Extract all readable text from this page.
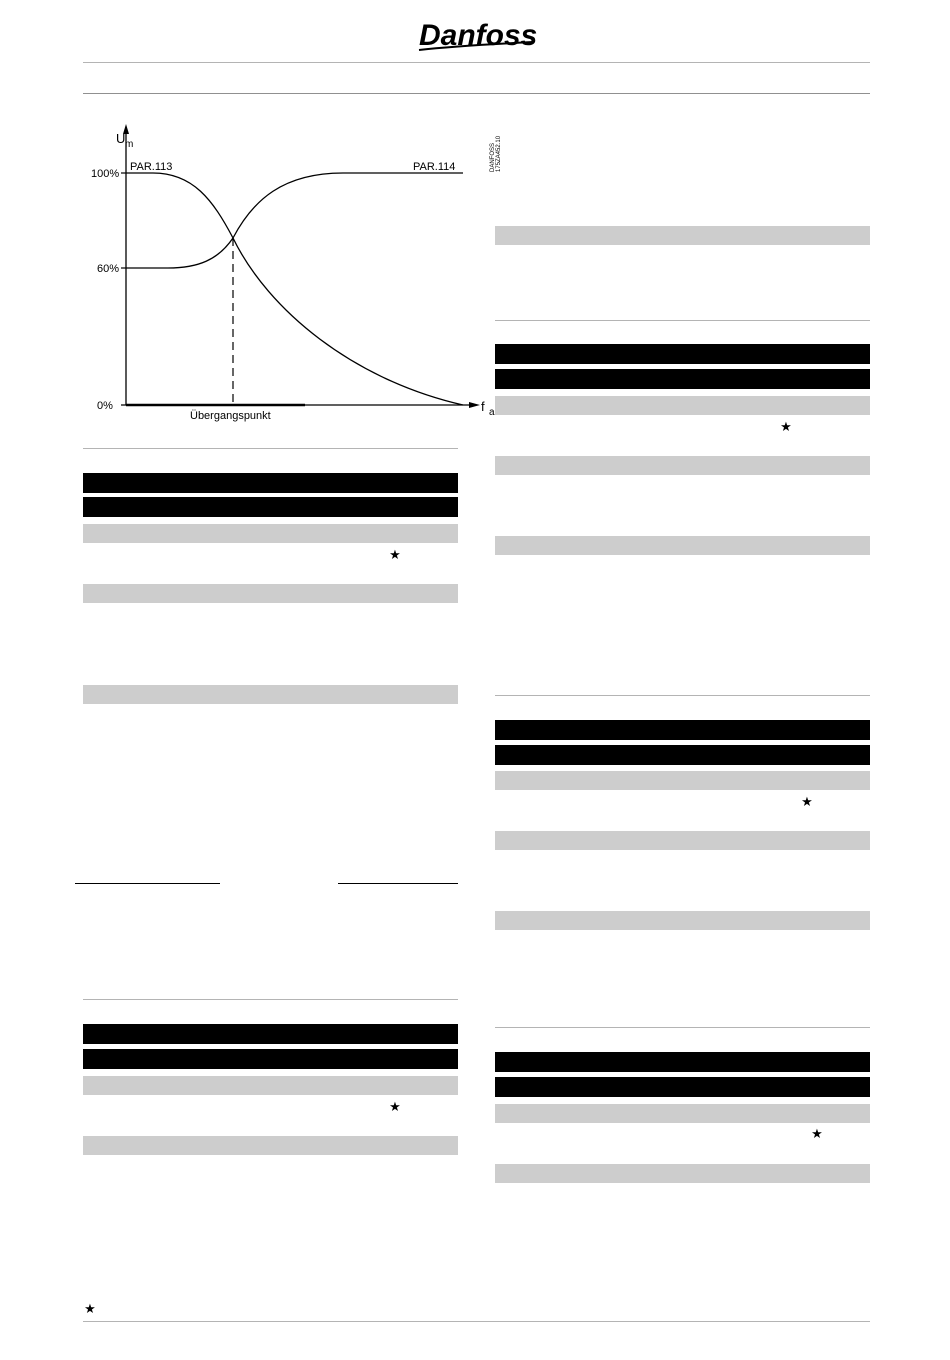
Danfoss
U m
f a
100%
60%
0%
PAR.113	PAR.114
Übergangspunkt
DANFOSS 175ZA452.10
★
★
★
★
★
★
